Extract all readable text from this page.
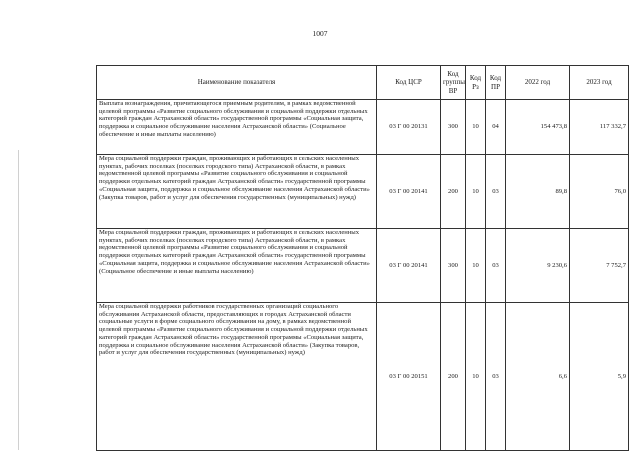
1007
Наименование показателя	Код ЦСР	Код группы ВР	Код Рз	Код ПР	2022 год	2023 год
Выплата вознаграждения, причитающегося приемным родителям, в рамках ведомственной целевой программы «Развитие социального обслуживания и социальной поддержки отдельных категорий граждан Астраханской области» государственной программы «Социальная защита, поддержка и социальное обслуживание населения Астраханской области» (Социальное обеспечение и иные выплаты населению)	03 Г 00 20131	300	10	04	154 473,8	117 332,7
Мера социальной поддержки граждан, проживающих и работающих в сельских населенных пунктах, рабочих поселках (поселках городского типа) Астраханской области, в рамках ведомственной целевой программы «Развитие социального обслуживания и социальной поддержки отдельных категорий граждан Астраханской области» государственной программы «Социальная защита, поддержка и социальное обслуживание населения Астраханской области» (Закупка товаров, работ и услуг для обеспечения государственных (муниципальных) нужд)	03 Г 00 20141	200	10	03	89,8	76,0
Мера социальной поддержки граждан, проживающих и работающих в сельских населенных пунктах, рабочих поселках (поселках городского типа) Астраханской области, в рамках ведомственной целевой программы «Развитие социального обслуживания и социальной поддержки отдельных категорий граждан Астраханской области» государственной программы «Социальная защита, поддержка и социальное обслуживание населения Астраханской области» (Социальное обеспечение и иные выплаты населению)	03 Г 00 20141	300	10	03	9 230,6	7 752,7
Мера социальной поддержки работников государственных организаций социального обслуживания Астраханской области, предоставляющих в городах Астраханской области социальные услуги в форме социального обслуживания на дому, в рамках ведомственной целевой программы «Развитие социального обслуживания и социальной поддержки отдельных категорий граждан Астраханской области» государственной программы «Социальная защита, поддержка и социальное обслуживание населения Астраханской области» (Закупка товаров, работ и услуг для обеспечения государственных (муниципальных) нужд)	03 Г 00 20151	200	10	03	6,6	5,9
